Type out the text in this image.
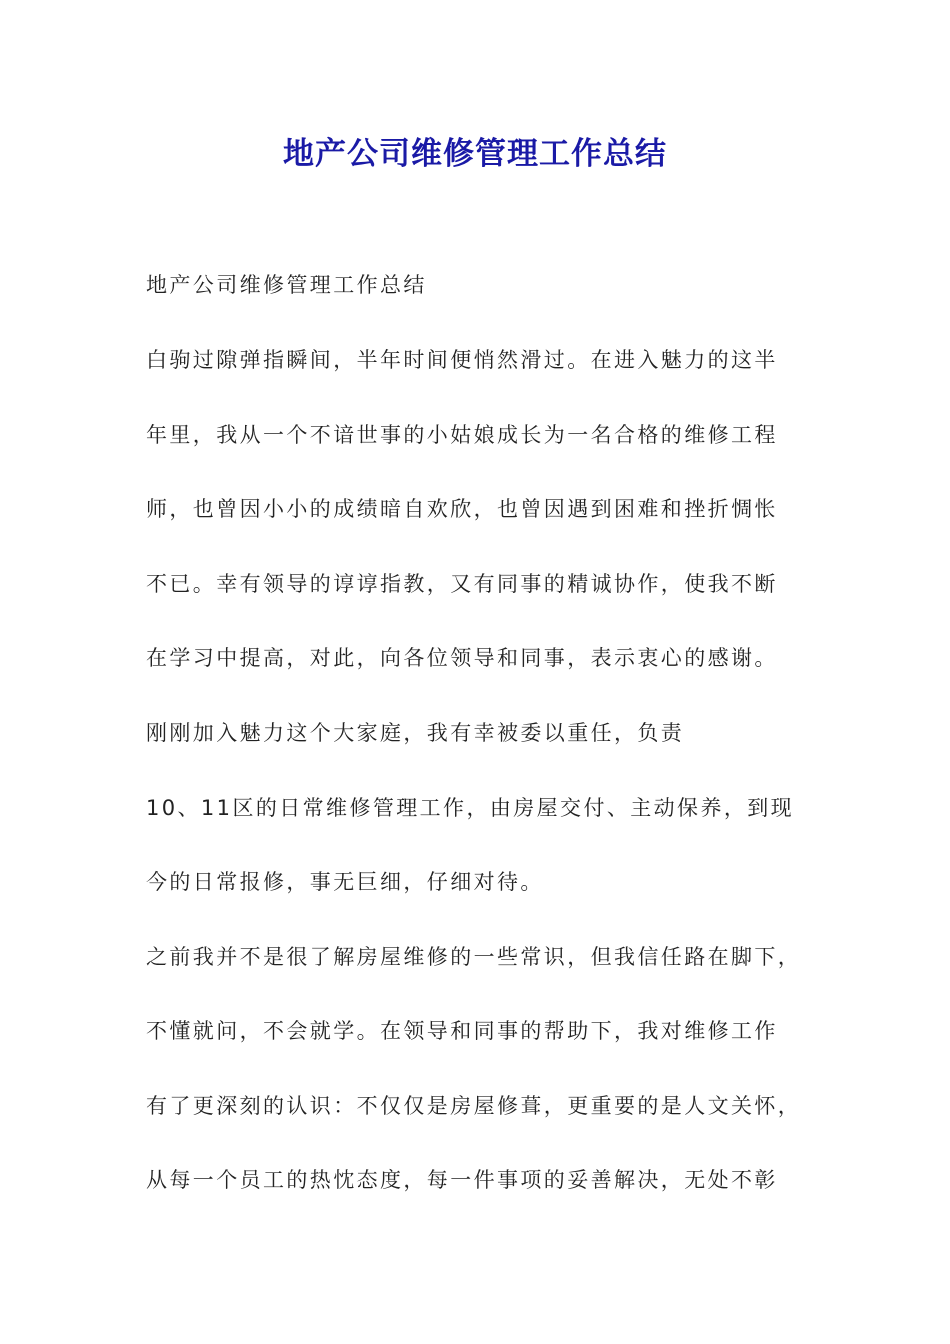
地产公司维修管理工作总结
地产公司维修管理工作总结
白驹过隙弹指瞬间，半年时间便悄然滑过。在进入魅力的这半
年里，我从一个不谙世事的小姑娘成长为一名合格的维修工程
师，也曾因小小的成绩暗自欢欣，也曾因遇到困难和挫折惆怅
不已。幸有领导的谆谆指教，又有同事的精诚协作，使我不断
在学习中提高，对此，向各位领导和同事，表示衷心的感谢。
刚刚加入魅力这个大家庭，我有幸被委以重任，负责
10、11区的日常维修管理工作，由房屋交付、主动保养，到现
今的日常报修，事无巨细，仔细对待。
之前我并不是很了解房屋维修的一些常识，但我信任路在脚下，
不懂就问，不会就学。在领导和同事的帮助下，我对维修工作
有了更深刻的认识：不仅仅是房屋修葺，更重要的是人文关怀，
从每一个员工的热忱态度，每一件事项的妥善解决，无处不彰
